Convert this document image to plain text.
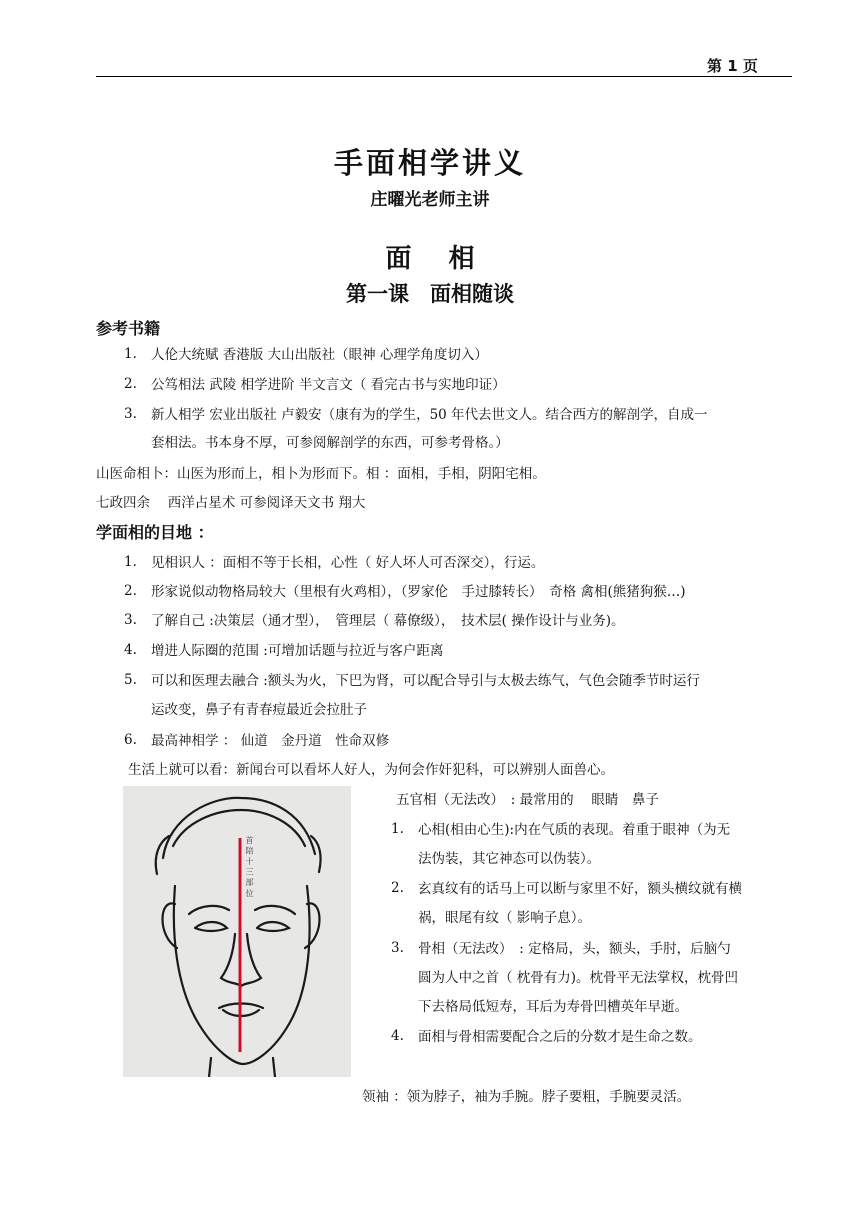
第 1 页
手面相学讲义
庄曜光老师主讲
面 相
第一课　面相随谈
参考书籍
1. 人伦大统赋 香港版 大山出版社（眼神 心理学角度切入）
2. 公笃相法 武陵 相学进阶 半文言文（ 看完古书与实地印证）
3. 新人相学 宏业出版社 卢毅安（康有为的学生，50 年代去世文人。结合西方的解剖学，自成一
套相法。书本身不厚，可参阅解剖学的东西，可参考骨格。）
山医命相卜：山医为形而上，相卜为形而下。相 ：面相，手相，阴阳宅相。
七政四余　 西洋占星术 可参阅译天文书 翔大
学面相的目地 ：
1. 见相识人 ：面相不等于长相，心性（ 好人坏人可否深交），行运。
2. 形家说似动物格局较大（里根有火鸡相），（罗家伦　手过膝转长）　奇格 禽相(熊猪狗猴…)
3. 了解自己 :决策层（通才型），　管理层（ 幕僚级），　技术层( 操作设计与业务)。
4. 增进人际圈的范围 :可增加话题与拉近与客户距离
5. 可以和医理去融合 :额头为火，下巴为肾，可以配合导引与太极去练气，气色会随季节时运行
运改变，鼻子有青春痘最近会拉肚子
6. 最高神相学 ： 仙道　金丹道　性命双修
生活上就可以看：新闻台可以看坏人好人，为何会作奸犯科，可以辨别人面兽心。
首 陪 十 三 部 位
五官相（无法改）　: 最常用的　 眼睛　鼻子
1. 心相(相由心生):内在气质的表现。着重于眼神（为无
法伪装，其它神态可以伪装）。
2. 玄真纹有的话马上可以断与家里不好，额头横纹就有横
祸，眼尾有纹（ 影响子息）。
3. 骨相（无法改）　: 定格局，头，额头，手肘，后脑勺
圆为人中之首（ 枕骨有力)。枕骨平无法掌权，枕骨凹
下去格局低短寿，耳后为寿骨凹槽英年早逝。
4. 面相与骨相需要配合之后的分数才是生命之数。
领袖 ：领为脖子，袖为手腕。脖子要粗，手腕要灵活。
